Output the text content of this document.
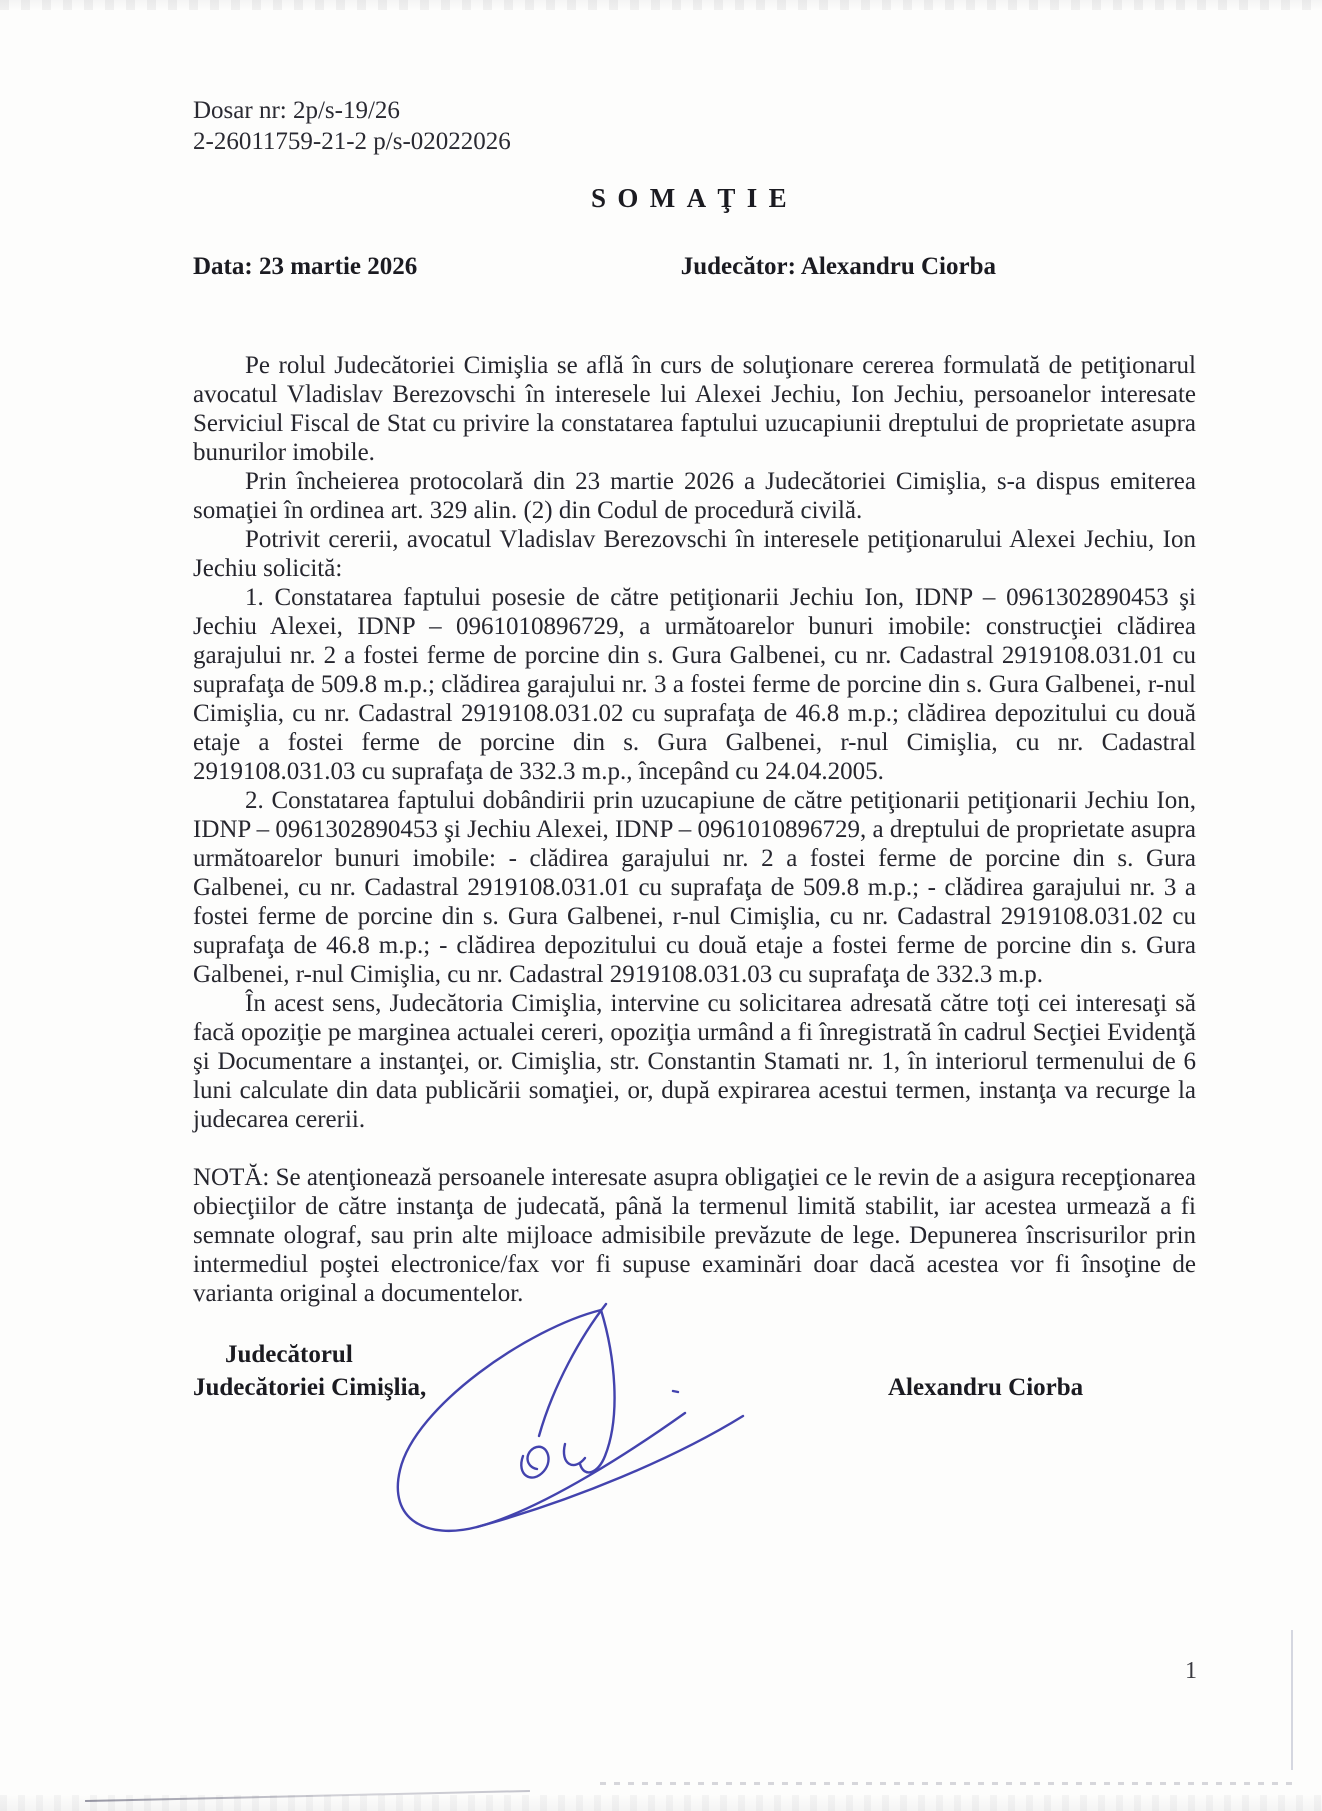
Dosar nr: 2p/s-19/26
2-26011759-21-2 p/s-02022026
SOMAŢIE
Data: 23 martie 2026	Judecător: Alexandru Ciorba

Pe rolul Judecătoriei Cimişlia se află în curs de soluţionare cererea formulată de petiţionarul avocatul Vladislav Berezovschi în interesele lui Alexei Jechiu, Ion Jechiu, persoanelor interesate Serviciul Fiscal de Stat cu privire la constatarea faptului uzucapiunii dreptului de proprietate asupra bunurilor imobile.

Prin încheierea protocolară din 23 martie 2026 a Judecătoriei Cimişlia, s-a dispus emiterea somaţiei în ordinea art. 329 alin. (2) din Codul de procedură civilă.

Potrivit cererii, avocatul Vladislav Berezovschi în interesele petiţionarului Alexei Jechiu, Ion Jechiu solicită:

1. Constatarea faptului posesie de către petiţionarii Jechiu Ion, IDNP – 0961302890453 şi Jechiu Alexei, IDNP – 0961010896729, a următoarelor bunuri imobile: construcţiei clădirea garajului nr. 2 a fostei ferme de porcine din s. Gura Galbenei, cu nr. Cadastral 2919108.031.01 cu suprafaţa de 509.8 m.p.; clădirea garajului nr. 3 a fostei ferme de porcine din s. Gura Galbenei, r-nul Cimişlia, cu nr. Cadastral 2919108.031.02 cu suprafaţa de 46.8 m.p.; clădirea depozitului cu două etaje a fostei ferme de porcine din s. Gura Galbenei, r-nul Cimişlia, cu nr. Cadastral 2919108.031.03 cu suprafaţa de 332.3 m.p., începând cu 24.04.2005.

2. Constatarea faptului dobândirii prin uzucapiune de către petiţionarii petiţionarii Jechiu Ion, IDNP – 0961302890453 şi Jechiu Alexei, IDNP – 0961010896729, a dreptului de proprietate asupra următoarelor bunuri imobile: - clădirea garajului nr. 2 a fostei ferme de porcine din s. Gura Galbenei, cu nr. Cadastral 2919108.031.01 cu suprafaţa de 509.8 m.p.; - clădirea garajului nr. 3 a fostei ferme de porcine din s. Gura Galbenei, r-nul Cimişlia, cu nr. Cadastral 2919108.031.02 cu suprafaţa de 46.8 m.p.; - clădirea depozitului cu două etaje a fostei ferme de porcine din s. Gura Galbenei, r-nul Cimişlia, cu nr. Cadastral 2919108.031.03 cu suprafaţa de 332.3 m.p.

În acest sens, Judecătoria Cimişlia, intervine cu solicitarea adresată către toţi cei interesaţi să facă opoziţie pe marginea actualei cereri, opoziţia urmând a fi înregistrată în cadrul Secţiei Evidenţă şi Documentare a instanţei, or. Cimişlia, str. Constantin Stamati nr. 1, în interiorul termenului de 6 luni calculate din data publicării somaţiei, or, după expirarea acestui termen, instanţa va recurge la judecarea cererii.

NOTĂ: Se atenţionează persoanele interesate asupra obligaţiei ce le revin de a asigura recepţionarea obiecţiilor de către instanţa de judecată, până la termenul limită stabilit, iar acestea urmează a fi semnate olograf, sau prin alte mijloace admisibile prevăzute de lege. Depunerea înscrisurilor prin intermediul poştei electronice/fax vor fi supuse examinări doar dacă acestea vor fi însoţine de varianta original a documentelor.

Judecătorul
Judecătoriei Cimişlia,	Alexandru Ciorba
1
